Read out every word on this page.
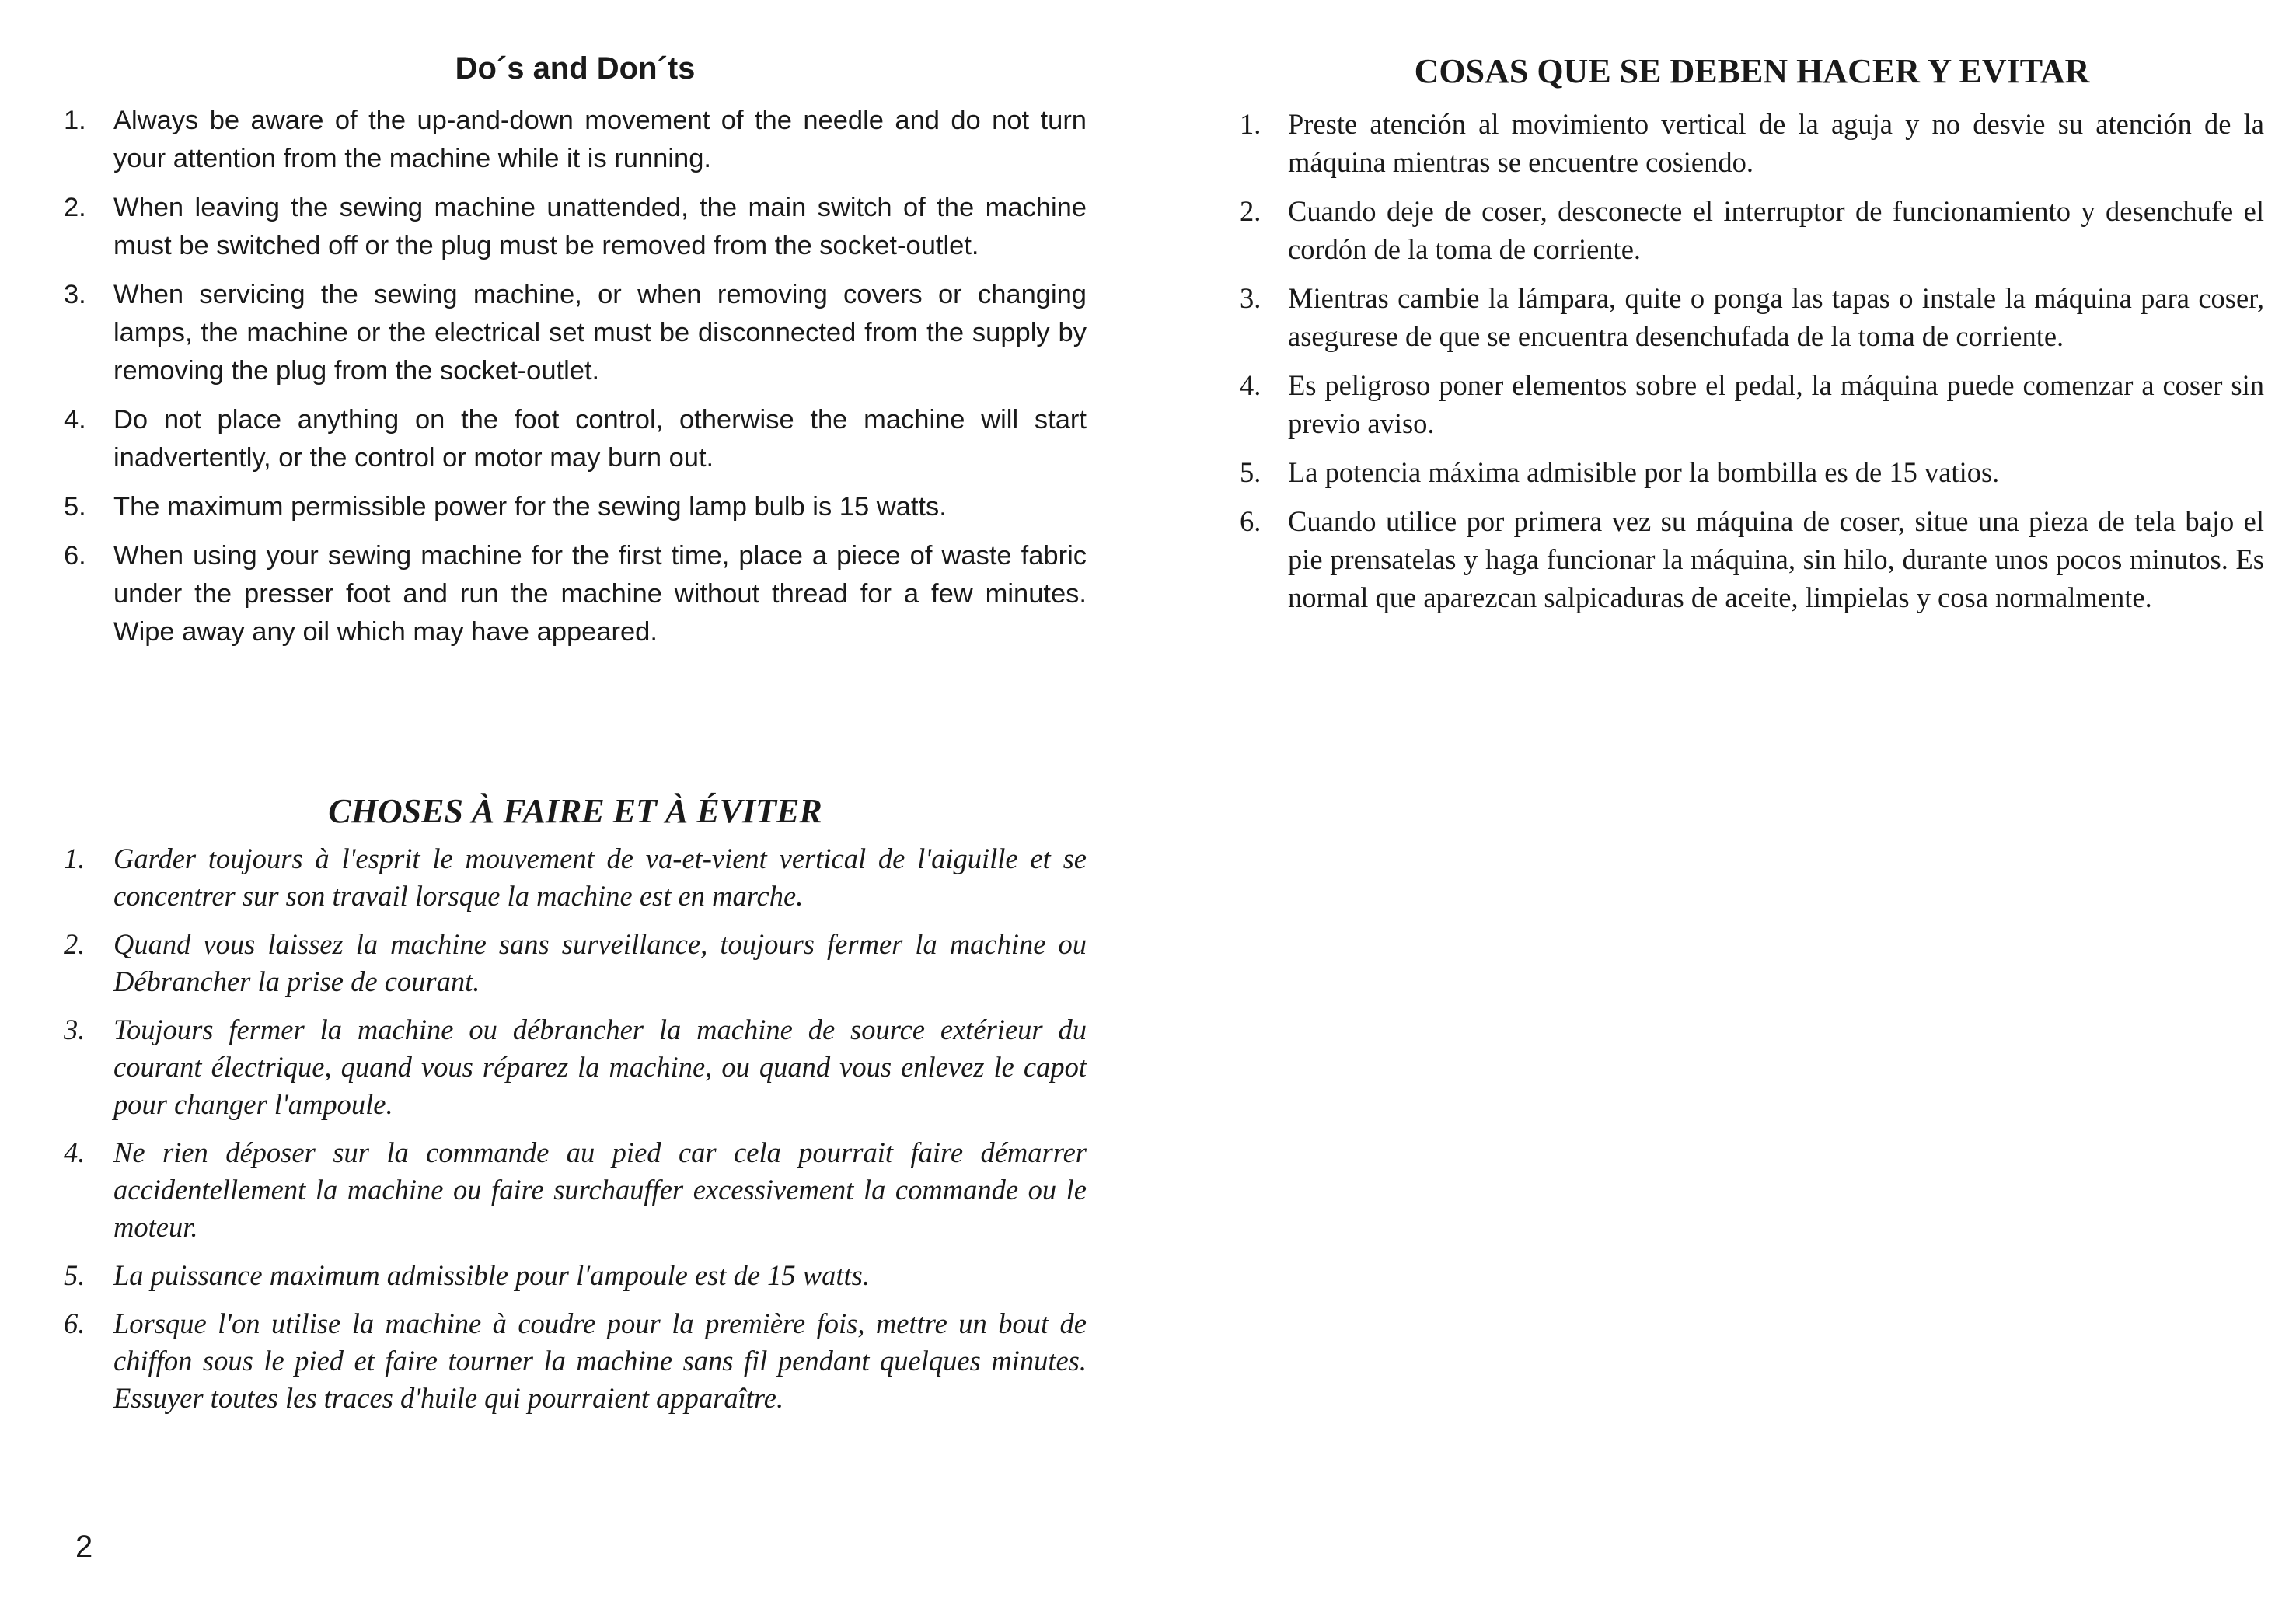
Do´s and Don´ts
1.	Always be aware of the up-and-down movement of the needle and do not turn your attention from the machine while it is running.
2.	When leaving the sewing machine unattended, the main switch of the machine must be switched off or the plug must be removed from the socket-outlet.
3.	When servicing the sewing machine, or when removing covers or changing lamps, the machine or the electrical set must be disconnected from the supply by removing the plug from the socket-outlet.
4.	Do not place anything on the foot control, otherwise the machine will start inadvertently, or the control or motor may burn out.
5.	The maximum permissible power for the sewing lamp bulb is 15 watts.
6.	When using your sewing machine for the first time, place a piece of waste fabric under the presser foot and run the machine without thread for a few minutes. Wipe away any oil which may have appeared.
CHOSES À FAIRE ET À ÉVITER
1.	Garder toujours à l'esprit le mouvement de va-et-vient vertical de l'aiguille et se concentrer sur son travail lorsque la machine est en marche.
2.	Quand vous laissez la machine sans surveillance, toujours fermer la machine ou Débrancher la prise de courant.
3.	Toujours fermer la machine ou débrancher la machine de source extérieur du courant électrique, quand vous réparez la machine, ou quand vous enlevez le capot pour changer l'ampoule.
4.	Ne rien déposer sur la commande au pied car cela pourrait faire démarrer accidentellement la machine ou faire surchauffer excessivement la commande ou le moteur.
5.	La puissance maximum admissible pour l'ampoule est de 15 watts.
6.	Lorsque l'on utilise la machine à coudre pour la première fois, mettre un bout de chiffon sous le pied et faire tourner la machine sans fil pendant quelques minutes. Essuyer toutes les traces d'huile qui pourraient apparaître.
COSAS QUE SE DEBEN HACER Y EVITAR
1. Preste atención al movimiento vertical de la aguja y no desvie su atención de la máquina mientras se encuentre cosiendo.
2. Cuando deje de coser, desconecte el interruptor de funcionamiento y desenchufe el cordón de la toma de corriente.
3. Mientras cambie la lámpara, quite o ponga las tapas o instale la máquina para coser, asegurese de que se encuentra desenchufada de la toma de corriente.
4. Es peligroso poner elementos sobre el pedal, la máquina puede comenzar a coser sin previo aviso.
5. La potencia máxima admisible por la bombilla es de 15 vatios.
6. Cuando utilice por primera vez su máquina de coser, situe una pieza de tela bajo el pie prensatelas y haga funcionar la máquina, sin hilo, durante unos pocos minutos. Es normal que aparezcan salpicaduras de aceite, limpielas y cosa normalmente.
2
